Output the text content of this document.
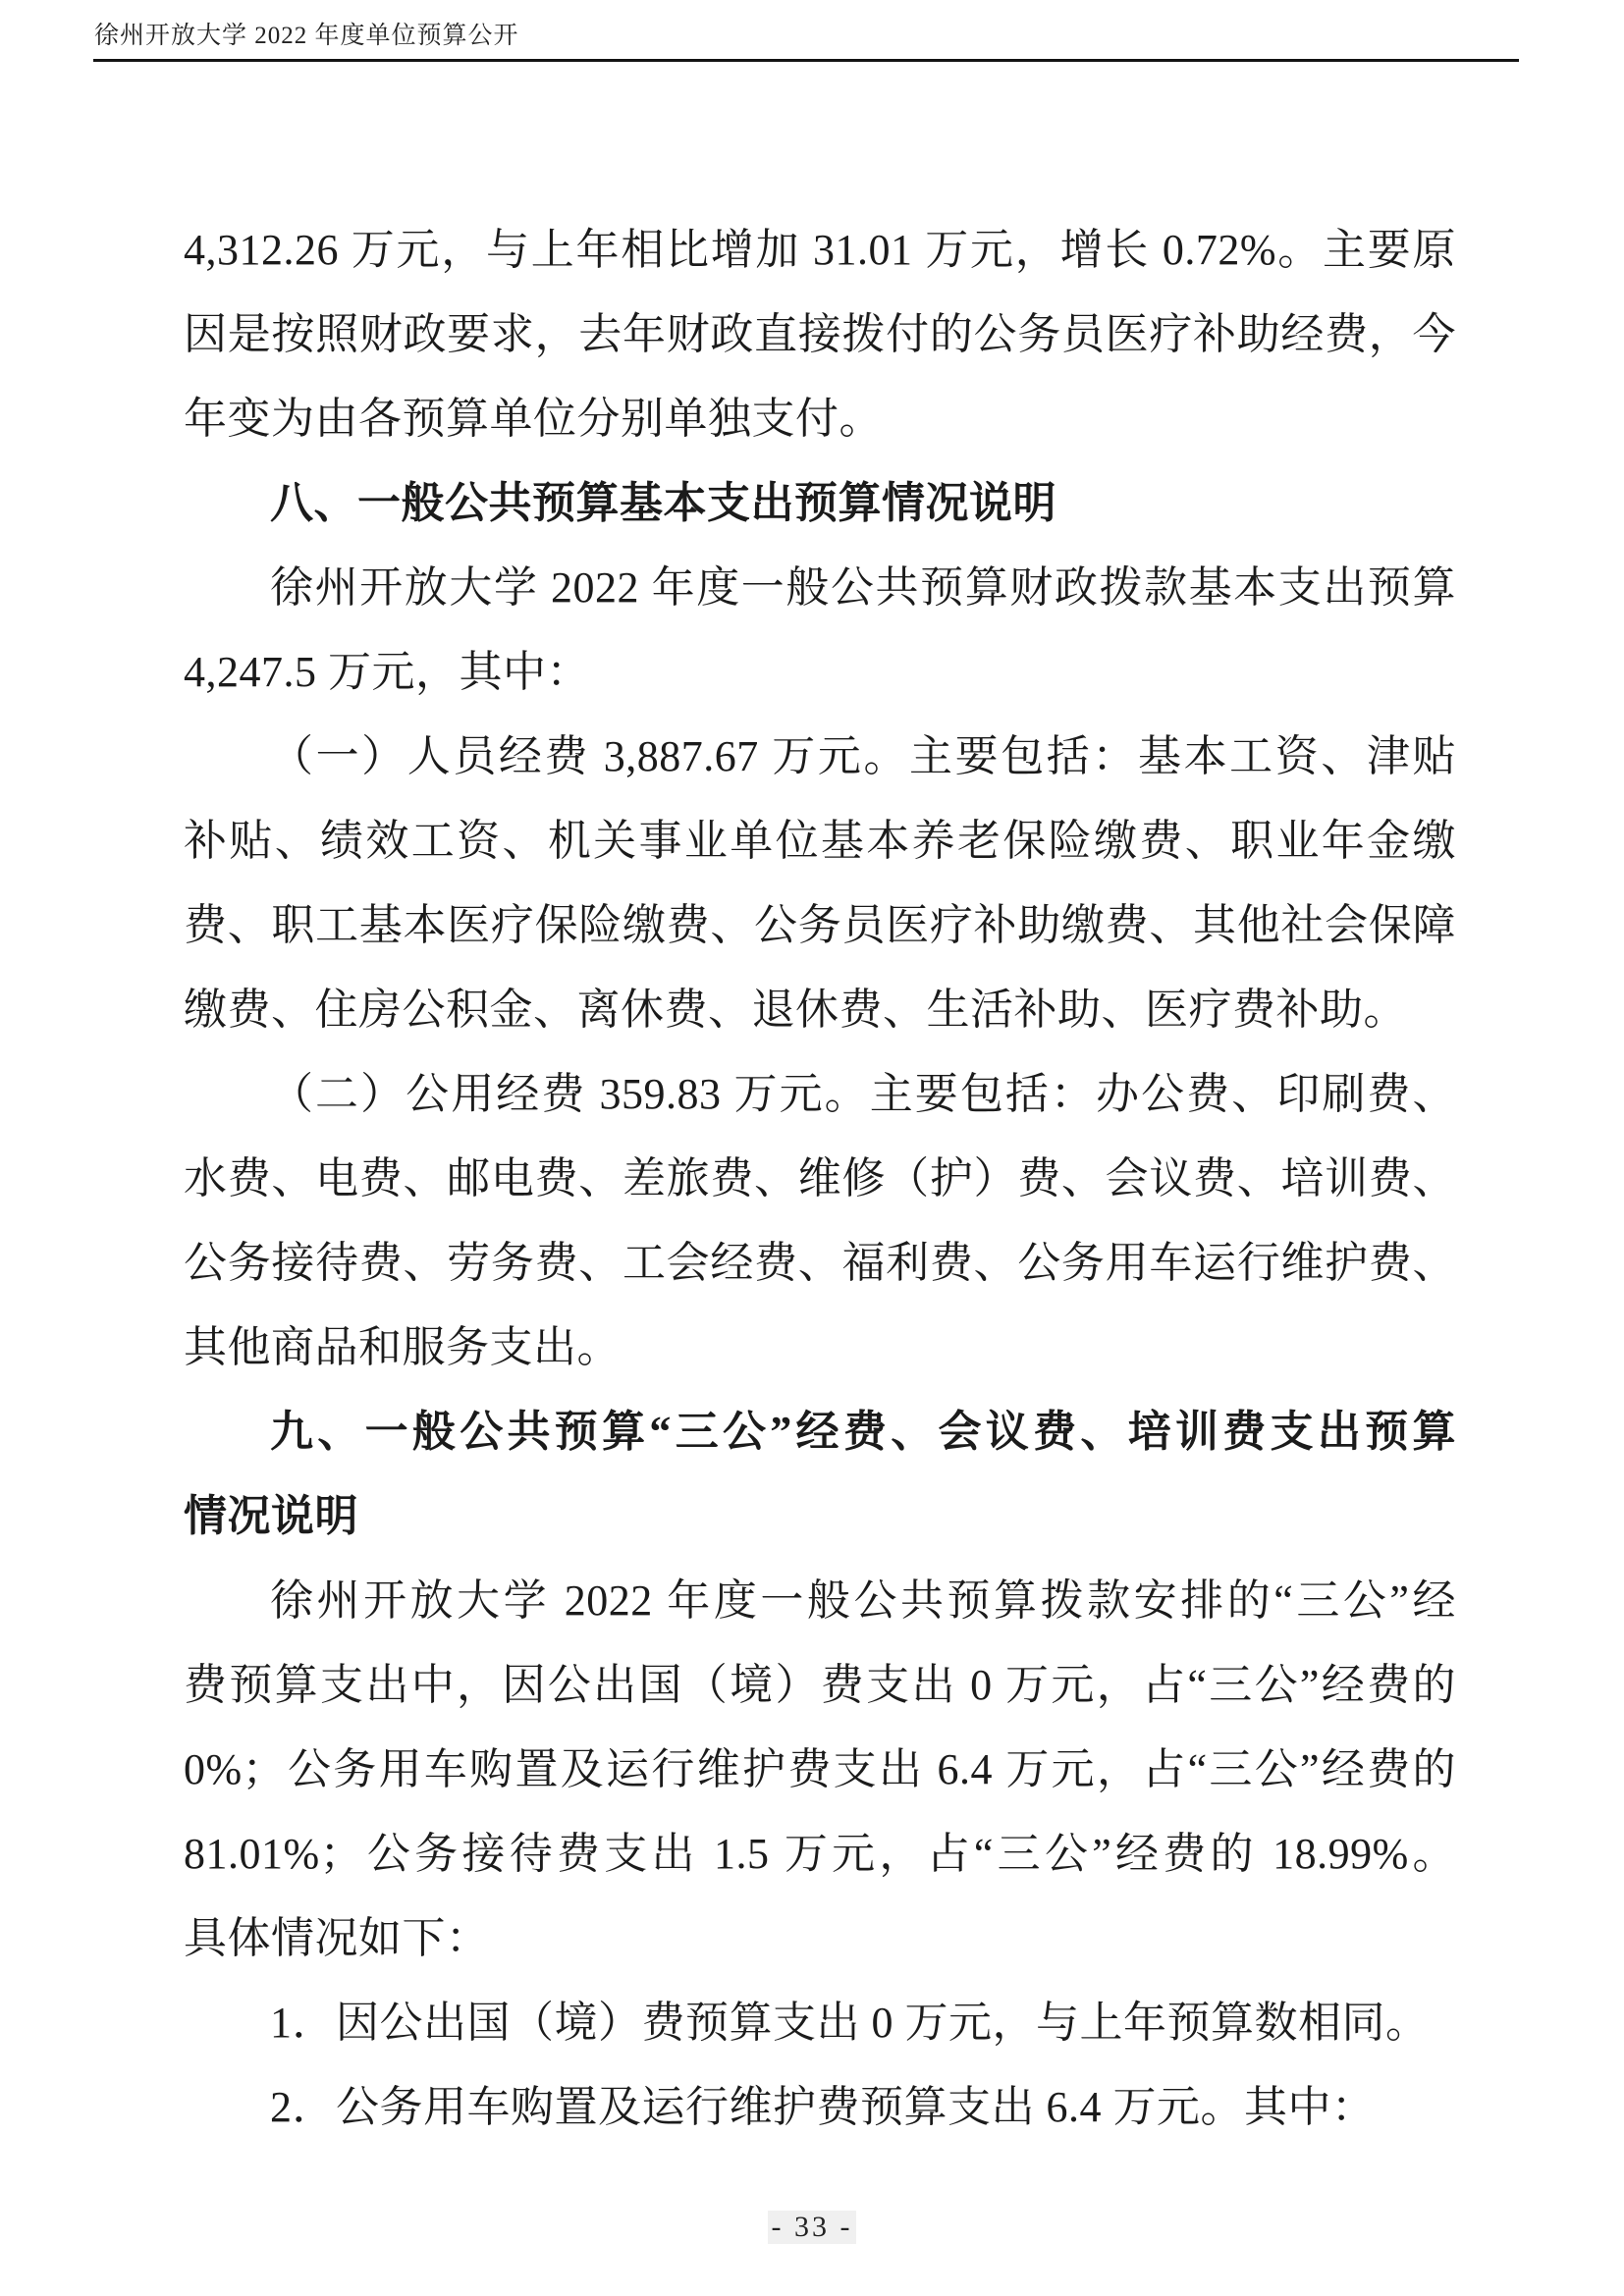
徐州开放大学 2022 年度单位预算公开
4,312.26 万元，与上年相比增加 31.01 万元，增长 0.72%。主要原
因是按照财政要求，去年财政直接拨付的公务员医疗补助经费，今
年变为由各预算单位分别单独支付。
八、一般公共预算基本支出预算情况说明
徐州开放大学 2022 年度一般公共预算财政拨款基本支出预算
4,247.5 万元，其中：
（一）人员经费 3,887.67 万元。主要包括：基本工资、津贴
补贴、绩效工资、机关事业单位基本养老保险缴费、职业年金缴
费、职工基本医疗保险缴费、公务员医疗补助缴费、其他社会保障
缴费、住房公积金、离休费、退休费、生活补助、医疗费补助。
（二）公用经费 359.83 万元。主要包括：办公费、印刷费、
水费、电费、邮电费、差旅费、维修（护）费、会议费、培训费、
公务接待费、劳务费、工会经费、福利费、公务用车运行维护费、
其他商品和服务支出。
九、一般公共预算“三公”经费、会议费、培训费支出预算
情况说明
徐州开放大学 2022 年度一般公共预算拨款安排的“三公”经
费预算支出中，因公出国（境）费支出 0 万元，占“三公”经费的
0%；公务用车购置及运行维护费支出 6.4 万元，占“三公”经费的
81.01%；公务接待费支出 1.5 万元，占“三公”经费的 18.99%。
具体情况如下：
1．因公出国（境）费预算支出 0 万元，与上年预算数相同。
2．公务用车购置及运行维护费预算支出 6.4 万元。其中：
- 33 -
